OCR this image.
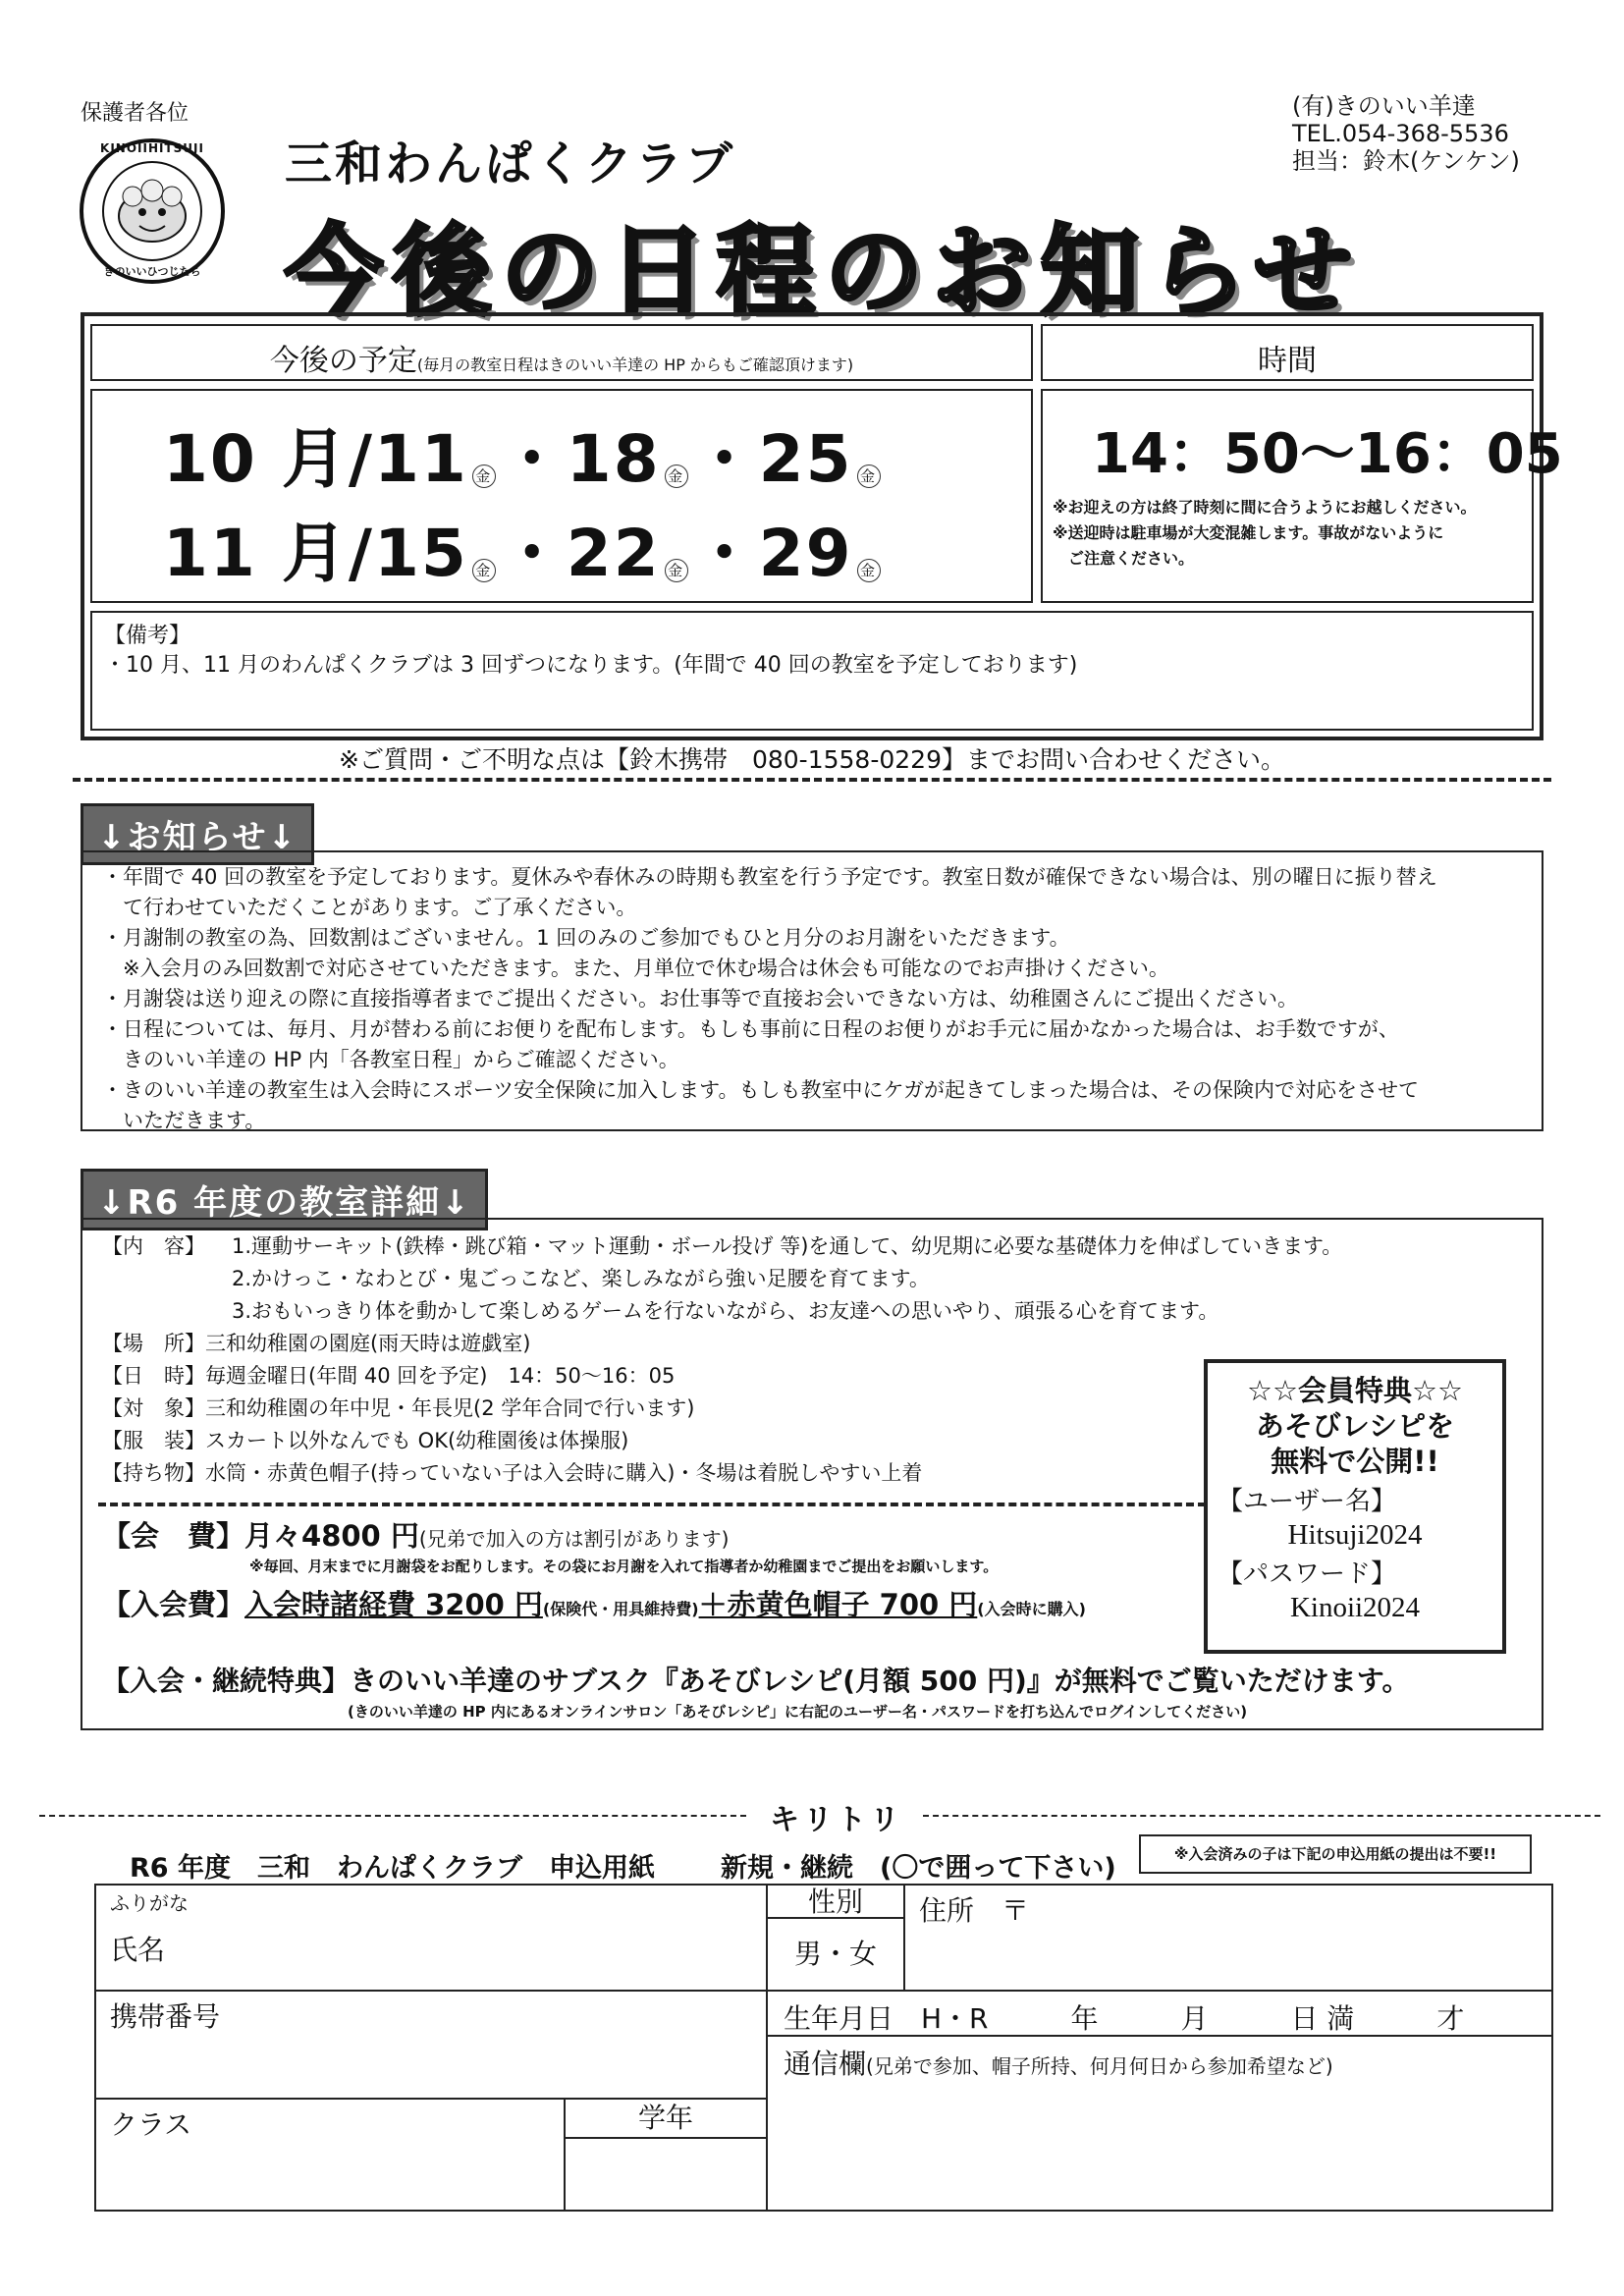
保護者各位
KINOIIHITSUJI
きのいいひつじたち
三和わんぱくクラブ
今後の日程のお知らせ
(有)きのいい羊達
TEL.054-368-5536
担当：鈴木(ケンケン)
今後の予定(毎月の教室日程はきのいい羊達の HP からもご確認頂けます)	時間
10 月/11 金 ・18 金 ・25 金
11 月/15 金 ・22 金 ・29 金
14：50〜16：05
※お迎えの方は終了時刻に間に合うようにお越しください。
※送迎時は駐車場が大変混雑します。事故がないように
ご注意ください。
【備考】
・10 月、11 月のわんぱくクラブは 3 回ずつになります。(年間で 40 回の教室を予定しております)
※ご質問・ご不明な点は【鈴木携帯　080-1558-0229】までお問い合わせください。
↓お知らせ↓
・年間で 40 回の教室を予定しております。夏休みや春休みの時期も教室を行う予定です。教室日数が確保できない場合は、別の曜日に振り替え
　て行わせていただくことがあります。ご了承ください。
・月謝制の教室の為、回数割はございません。1 回のみのご参加でもひと月分のお月謝をいただきます。
　※入会月のみ回数割で対応させていただきます。また、月単位で休む場合は休会も可能なのでお声掛けください。
・月謝袋は送り迎えの際に直接指導者までご提出ください。お仕事等で直接お会いできない方は、幼稚園さんにご提出ください。
・日程については、毎月、月が替わる前にお便りを配布します。もしも事前に日程のお便りがお手元に届かなかった場合は、お手数ですが、
　きのいい羊達の HP 内「各教室日程」からご確認ください。
・きのいい羊達の教室生は入会時にスポーツ安全保険に加入します。もしも教室中にケガが起きてしまった場合は、その保険内で対応をさせて
　いただきます。
↓R6 年度の教室詳細↓
【内　容】 1.運動サーキット(鉄棒・跳び箱・マット運動・ボール投げ 等)を通して、幼児期に必要な基礎体力を伸ばしていきます。
2.かけっこ・なわとび・鬼ごっこなど、楽しみながら強い足腰を育てます。
3.おもいっきり体を動かして楽しめるゲームを行ないながら、お友達への思いやり、頑張る心を育てます。
【場　所】三和幼稚園の園庭(雨天時は遊戯室)
【日　時】毎週金曜日(年間 40 回を予定)　14：50〜16：05
【対　象】三和幼稚園の年中児・年長児(2 学年合同で行います)
【服　装】スカート以外なんでも OK(幼稚園後は体操服)
【持ち物】水筒・赤黄色帽子(持っていない子は入会時に購入)・冬場は着脱しやすい上着
【会　費】月々4800 円(兄弟で加入の方は割引があります)
※毎回、月末までに月謝袋をお配りします。その袋にお月謝を入れて指導者か幼稚園までご提出をお願いします。
【入会費】入会時諸経費 3200 円(保険代・用具維持費)＋赤黄色帽子 700 円(入会時に購入)
【入会・継続特典】きのいい羊達のサブスク『あそびレシピ(月額 500 円)』が無料でご覧いただけます。
(きのいい羊達の HP 内にあるオンラインサロン「あそびレシピ」に右記のユーザー名・パスワードを打ち込んでログインしてください)
☆☆会員特典☆☆
あそびレシピを
無料で公開!!
【ユーザー名】
Hitsuji2024
【パスワード】
Kinoii2024
キリトリ
R6 年度　三和　わんぱくクラブ　申込用紙 新規・継続　 (〇で囲って下さい)	※入会済みの子は下記の申込用紙の提出は不要!!
ふりがな
氏名
性別
男・女
住所　〒
携帯番号	生年月日　H・R　　　年　　　月　　　日 満　　　才
通信欄(兄弟で参加、帽子所持、何月何日から参加希望など)
クラス	学年
